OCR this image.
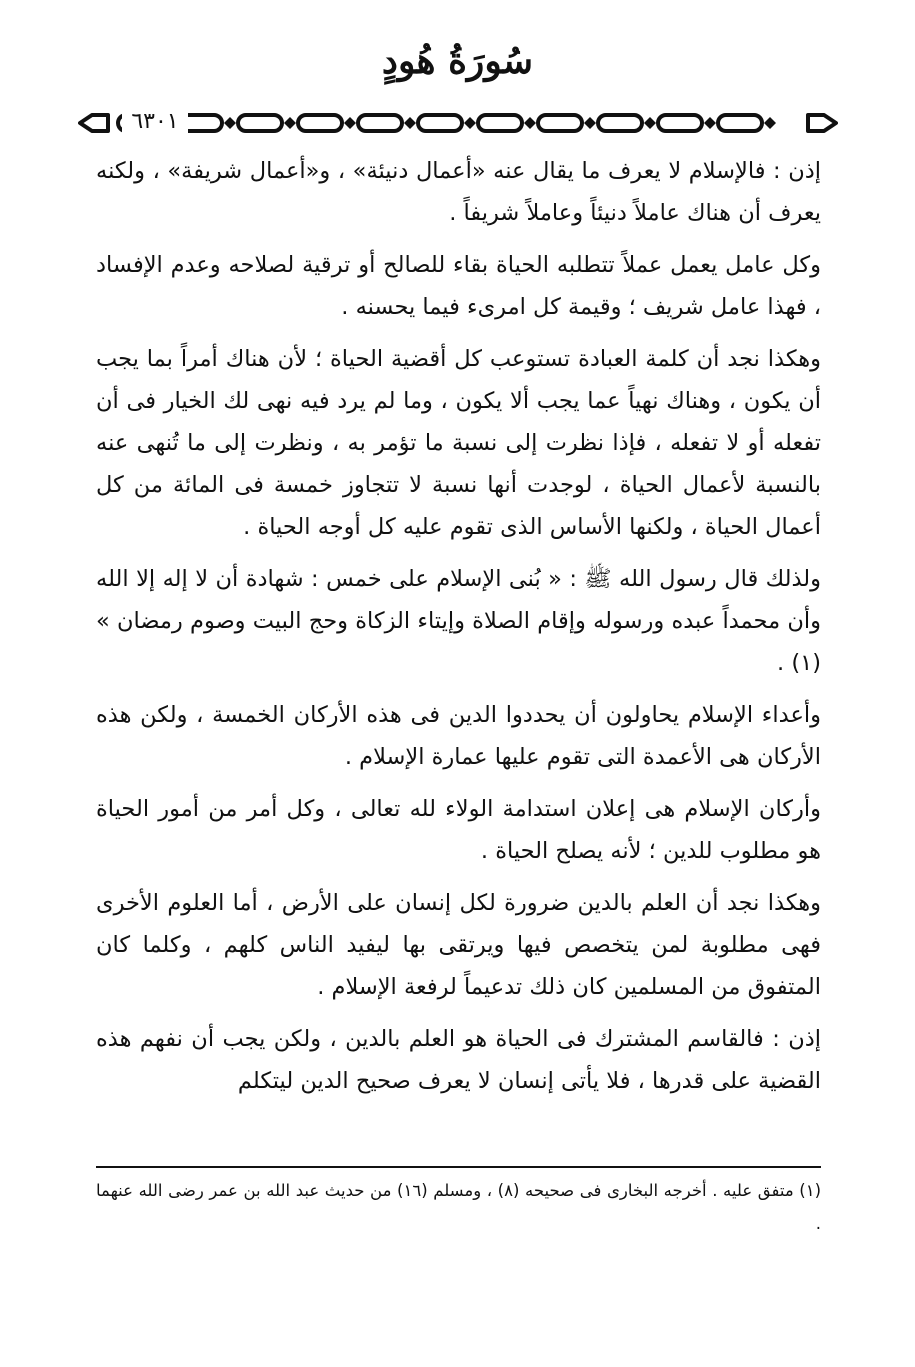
سُورَةُ هُودٍ
٦٣٠١

إذن : فالإسلام لا يعرف ما يقال عنه «أعمال دنيئة» ، و«أعمال شريفة» ، ولكنه يعرف أن هناك عاملاً دنيئاً وعاملاً شريفاً .

وكل عامل يعمل عملاً تتطلبه الحياة بقاء للصالح أو ترقية لصلاحه وعدم الإفساد ، فهذا عامل شريف ؛ وقيمة كل امرىء فيما يحسنه .

وهكذا نجد أن كلمة العبادة تستوعب كل أقضية الحياة ؛ لأن هناك أمراً بما يجب أن يكون ، وهناك نهياً عما يجب ألا يكون ، وما لم يرد فيه نهى لك الخيار فى أن تفعله أو لا تفعله ، فإذا نظرت إلى نسبة ما تؤمر به ، ونظرت إلى ما تُنهى عنه بالنسبة لأعمال الحياة ، لوجدت أنها نسبة لا تتجاوز خمسة فى المائة من كل أعمال الحياة ، ولكنها الأساس الذى تقوم عليه كل أوجه الحياة .

ولذلك قال رسول الله ﷺ : « بُنى الإسلام على خمس : شهادة أن لا إله إلا الله وأن محمداً عبده ورسوله وإقام الصلاة وإيتاء الزكاة وحج البيت وصوم رمضان » (١) .

وأعداء الإسلام يحاولون أن يحددوا الدين فى هذه الأركان الخمسة ، ولكن هذه الأركان هى الأعمدة التى تقوم عليها عمارة الإسلام .

وأركان الإسلام هى إعلان استدامة الولاء لله تعالى ، وكل أمر من أمور الحياة هو مطلوب للدين ؛ لأنه يصلح الحياة .

وهكذا نجد أن العلم بالدين ضرورة لكل إنسان على الأرض ، أما العلوم الأخرى فهى مطلوبة لمن يتخصص فيها ويرتقى بها ليفيد الناس كلهم ، وكلما كان المتفوق من المسلمين كان ذلك تدعيماً لرفعة الإسلام .

إذن : فالقاسم المشترك فى الحياة هو العلم بالدين ، ولكن يجب أن نفهم هذه القضية على قدرها ، فلا يأتى إنسان لا يعرف صحيح الدين ليتكلم

(١) متفق عليه . أخرجه البخارى فى صحيحه (٨) ، ومسلم (١٦) من حديث عبد الله بن عمر رضى الله عنهما .
